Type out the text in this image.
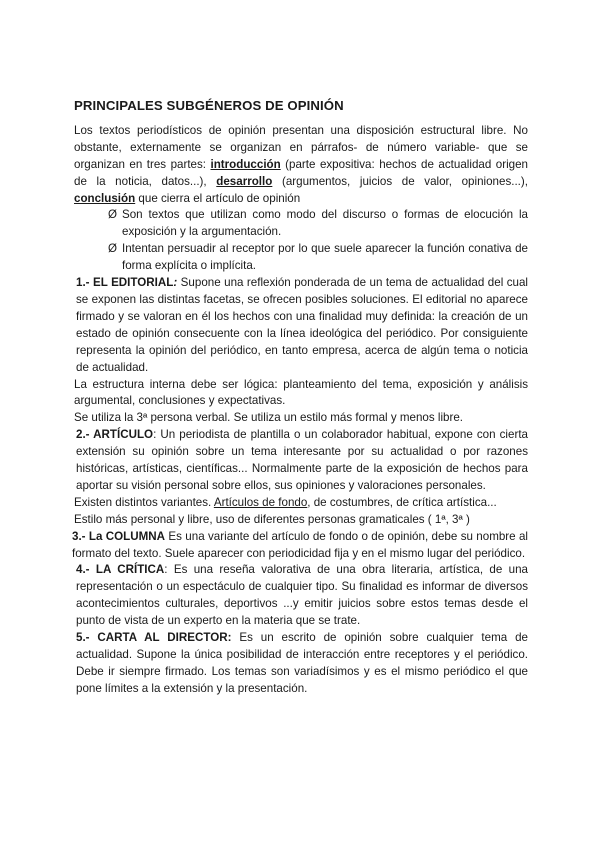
PRINCIPALES SUBGÉNEROS DE OPINIÓN

Los textos periodísticos de opinión presentan una disposición estructural libre. No obstante, externamente se organizan en párrafos- de número variable- que se organizan en tres partes: introducción (parte expositiva: hechos de actualidad origen de la noticia, datos...), desarrollo (argumentos, juicios de valor, opiniones...), conclusión que cierra el artículo de opinión

Ø Son textos que utilizan como modo del discurso o formas de elocución la exposición y la argumentación.
Ø Intentan persuadir al receptor por lo que suele aparecer la función conativa de forma explícita o implícita.

1.- EL EDITORIAL: Supone una reflexión ponderada de un tema de actualidad del cual se exponen las distintas facetas, se ofrecen posibles soluciones. El editorial no aparece firmado y se valoran en él los hechos con una finalidad muy definida: la creación de un estado de opinión consecuente con la línea ideológica del periódico. Por consiguiente representa la opinión del periódico, en tanto empresa, acerca de algún tema o noticia de actualidad.

La estructura interna debe ser lógica: planteamiento del tema, exposición y análisis argumental, conclusiones y expectativas.

Se utiliza la 3ª persona verbal. Se utiliza un estilo más formal y menos libre.

2.- ARTÍCULO: Un periodista de plantilla o un colaborador habitual, expone con cierta extensión su opinión sobre un tema interesante por su actualidad o por razones históricas, artísticas, científicas... Normalmente parte de la exposición de hechos para aportar su visión personal sobre ellos, sus opiniones y valoraciones personales.

Existen distintos variantes. Artículos de fondo, de costumbres, de crítica artística...

Estilo más personal y libre, uso de diferentes personas gramaticales ( 1ª, 3ª )

3.- La COLUMNA Es una variante del artículo de fondo o de opinión, debe su nombre al formato del texto. Suele aparecer con periodicidad fija y en el mismo lugar del periódico.

4.- LA CRÍTICA: Es una reseña valorativa de una obra literaria, artística, de una representación o un espectáculo de cualquier tipo. Su finalidad es informar de diversos acontecimientos culturales, deportivos ...y emitir juicios sobre estos temas desde el punto de vista de un experto en la materia que se trate.

5.- CARTA AL DIRECTOR: Es un escrito de opinión sobre cualquier tema de actualidad. Supone la única posibilidad de interacción entre receptores y el periódico. Debe ir siempre firmado. Los temas son variadísimos y es el mismo periódico el que pone límites a la extensión y la presentación.
